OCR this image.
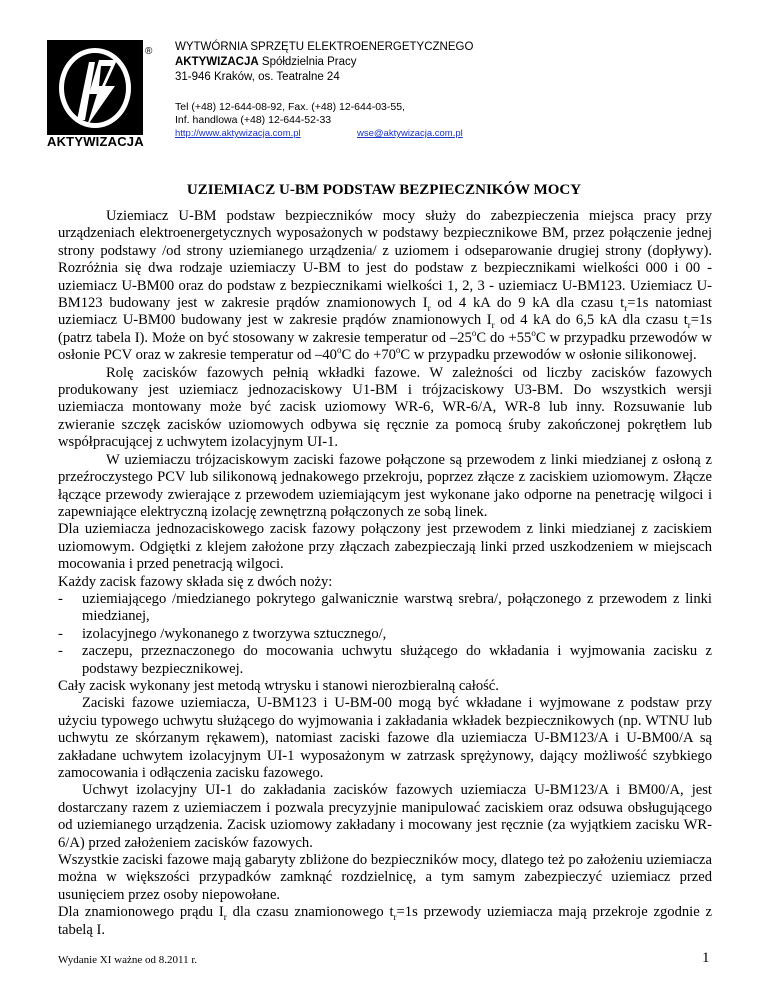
®
AKTYWIZACJA
WYTWÓRNIA SPRZĘTU ELEKTROENERGETYCZNEGO
AKTYWIZACJA Spółdzielnia Pracy
31-946 Kraków, os. Teatralne 24
Tel (+48) 12-644-08-92, Fax. (+48) 12-644-03-55,
Inf. handlowa (+48) 12-644-52-33
http://www.aktywizacja.com.pl	wse@aktywizacja.com.pl
UZIEMIACZ U-BM PODSTAW BEZPIECZNIKÓW MOCY

Uziemiacz U-BM podstaw bezpieczników mocy służy do zabezpieczenia miejsca pracy przy urządzeniach elektroenergetycznych wyposażonych w podstawy bezpiecznikowe BM, przez połączenie jednej strony podstawy /od strony uziemianego urządzenia/ z uziomem i odseparowanie drugiej strony (dopływy). Rozróżnia się dwa rodzaje uziemiaczy U-BM to jest do podstaw z bezpiecznikami wielkości 000 i 00 - uziemiacz U-BM00 oraz do podstaw z bezpiecznikami wielkości 1, 2, 3 - uziemiacz U-BM123. Uziemiacz U-BM123 budowany jest w zakresie prądów znamionowych $I_r$ od 4 kA do 9 kA dla czasu $t_r=1s$ natomiast uziemiacz U-BM00 budowany jest w zakresie prądów znamionowych $I_r$ od 4 kA do 6,5 kA dla czasu $t_r=1s$ (patrz tabela I). Może on być stosowany w zakresie temperatur od –25$^o$C do $+55^oC$ w przypadku przewodów w osłonie PCV oraz w zakresie temperatur od –40$^o$C do $+70^oC$ w przypadku przewodów w osłonie silikonowej.

Rolę zacisków fazowych pełnią wkładki fazowe. W zależności od liczby zacisków fazowych produkowany jest uziemiacz jednozaciskowy U1-BM i trójzaciskowy U3-BM. Do wszystkich wersji uziemiacza montowany może być zacisk uziomowy WR-6, WR-6/A, WR-8 lub inny. Rozsuwanie lub zwieranie szczęk zacisków uziomowych odbywa się ręcznie za pomocą śruby zakończonej pokrętłem lub współpracującej z uchwytem izolacyjnym UI-1.

W uziemiaczu trójzaciskowym zaciski fazowe połączone są przewodem z linki miedzianej z osłoną z przeźroczystego PCV lub silikonową jednakowego przekroju, poprzez złącze z zaciskiem uziomowym. Złącze łączące przewody zwierające z przewodem uziemiającym jest wykonane jako odporne na penetrację wilgoci i zapewniające elektryczną izolację zewnętrzną połączonych ze sobą linek.

Dla uziemiacza jednozaciskowego zacisk fazowy połączony jest przewodem z linki miedzianej z zaciskiem uziomowym. Odgiętki z klejem założone przy złączach zabezpieczają linki przed uszkodzeniem w miejscach mocowania i przed penetracją wilgoci.

Każdy zacisk fazowy składa się z dwóch noży:

-	uziemiającego /miedzianego pokrytego galwanicznie warstwą srebra/, połączonego z przewodem z linki miedzianej,
-	izolacyjnego /wykonanego z tworzywa sztucznego/,
-	zaczepu, przeznaczonego do mocowania uchwytu służącego do wkładania i wyjmowania zacisku z podstawy bezpiecznikowej.

Cały zacisk wykonany jest metodą wtrysku i stanowi nierozbieralną całość.

Zaciski fazowe uziemiacza, U-BM123 i U-BM-00 mogą być wkładane i wyjmowane z podstaw przy użyciu typowego uchwytu służącego do wyjmowania i zakładania wkładek bezpiecznikowych (np. WTNU lub uchwytu ze skórzanym rękawem), natomiast zaciski fazowe dla uziemiacza U-BM123/A i U-BM00/A są zakładane uchwytem izolacyjnym UI-1 wyposażonym w zatrzask sprężynowy, dający możliwość szybkiego zamocowania i odłączenia zacisku fazowego.

Uchwyt izolacyjny UI-1 do zakładania zacisków fazowych uziemiacza U-BM123/A i BM00/A, jest dostarczany razem z uziemiaczem i pozwala precyzyjnie manipulować zaciskiem oraz odsuwa obsługującego od uziemianego urządzenia. Zacisk uziomowy zakładany i mocowany jest ręcznie (za wyjątkiem zacisku WR-6/A) przed założeniem zacisków fazowych.

Wszystkie zaciski fazowe mają gabaryty zbliżone do bezpieczników mocy, dlatego też po założeniu uziemiacza można w większości przypadków zamknąć rozdzielnicę, a tym samym zabezpieczyć uziemiacz przed usunięciem przez osoby niepowołane.

Dla znamionowego prądu $I_r$ dla czasu znamionowego $t_r=1s$ przewody uziemiacza mają przekroje zgodnie z tabelą I.

Wydanie XI ważne od 8.2011 r.	1
